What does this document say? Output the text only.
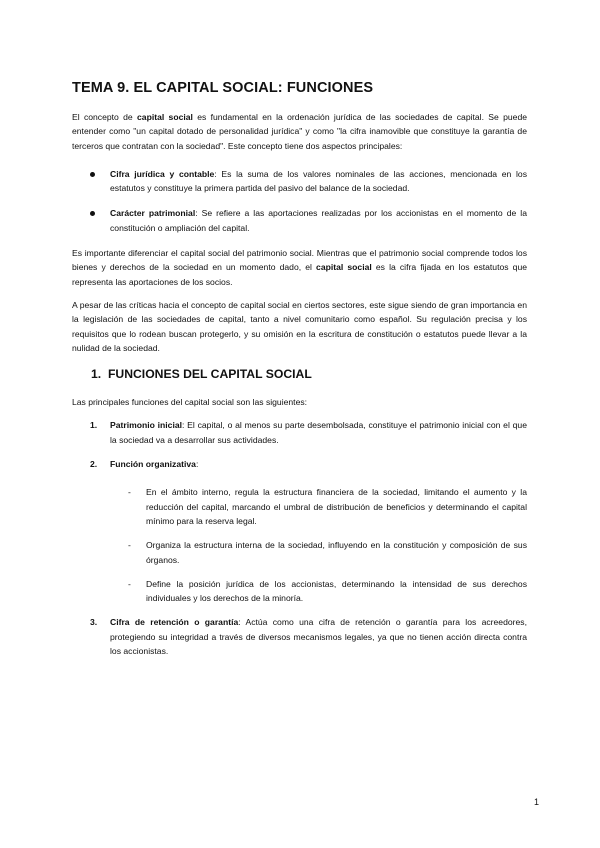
TEMA 9. EL CAPITAL SOCIAL: FUNCIONES

El concepto de capital social es fundamental en la ordenación jurídica de las sociedades de capital. Se puede entender como "un capital dotado de personalidad jurídica" y como "la cifra inamovible que constituye la garantía de terceros que contratan con la sociedad". Este concepto tiene dos aspectos principales:

Cifra jurídica y contable: Es la suma de los valores nominales de las acciones, mencionada en los estatutos y constituye la primera partida del pasivo del balance de la sociedad.
Carácter patrimonial: Se refiere a las aportaciones realizadas por los accionistas en el momento de la constitución o ampliación del capital.

Es importante diferenciar el capital social del patrimonio social. Mientras que el patrimonio social comprende todos los bienes y derechos de la sociedad en un momento dado, el capital social es la cifra fijada en los estatutos que representa las aportaciones de los socios.

A pesar de las críticas hacia el concepto de capital social en ciertos sectores, este sigue siendo de gran importancia en la legislación de las sociedades de capital, tanto a nivel comunitario como español. Su regulación precisa y los requisitos que lo rodean buscan protegerlo, y su omisión en la escritura de constitución o estatutos puede llevar a la nulidad de la sociedad.

1. FUNCIONES DEL CAPITAL SOCIAL

Las principales funciones del capital social son las siguientes:

1. Patrimonio inicial: El capital, o al menos su parte desembolsada, constituye el patrimonio inicial con el que la sociedad va a desarrollar sus actividades.
2. Función organizativa:
- En el ámbito interno, regula la estructura financiera de la sociedad, limitando el aumento y la reducción del capital, marcando el umbral de distribución de beneficios y determinando el capital mínimo para la reserva legal.
- Organiza la estructura interna de la sociedad, influyendo en la constitución y composición de sus órganos.
- Define la posición jurídica de los accionistas, determinando la intensidad de sus derechos individuales y los derechos de la minoría.
3. Cifra de retención o garantía: Actúa como una cifra de retención o garantía para los acreedores, protegiendo su integridad a través de diversos mecanismos legales, ya que no tienen acción directa contra los accionistas.
1
